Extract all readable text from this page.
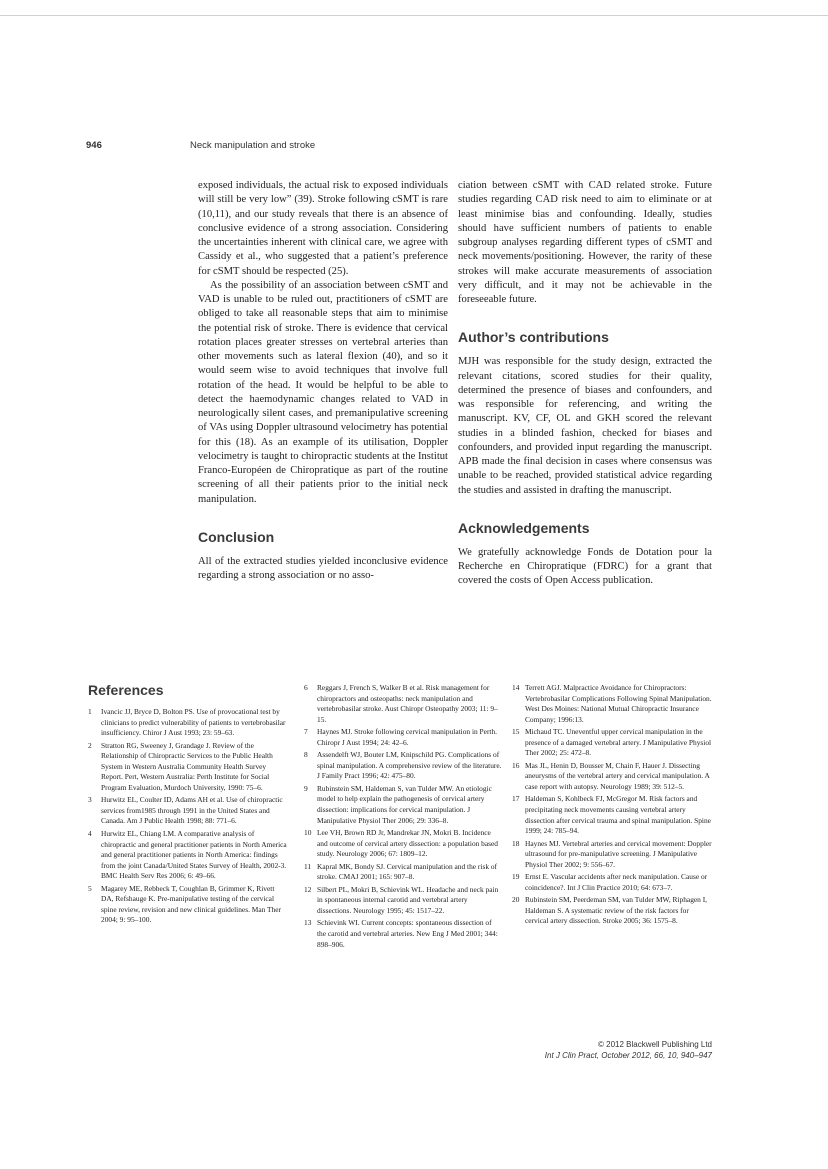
946	Neck manipulation and stroke

exposed individuals, the actual risk to exposed individuals will still be very low” (39). Stroke following cSMT is rare (10,11), and our study reveals that there is an absence of conclusive evidence of a strong association. Considering the uncertainties inherent with clinical care, we agree with Cassidy et al., who suggested that a patient’s preference for cSMT should be respected (25).

As the possibility of an association between cSMT and VAD is unable to be ruled out, practitioners of cSMT are obliged to take all reasonable steps that aim to minimise the potential risk of stroke. There is evidence that cervical rotation places greater stresses on vertebral arteries than other movements such as lateral flexion (40), and so it would seem wise to avoid techniques that involve full rotation of the head. It would be helpful to be able to detect the haemodynamic changes related to VAD in neurologically silent cases, and premanipulative screening of VAs using Doppler ultrasound velocimetry has potential for this (18). As an example of its utilisation, Doppler velocimetry is taught to chiropractic students at the Institut Franco-Européen de Chiropratique as part of the routine screening of all their patients prior to the initial neck manipulation.

Conclusion

All of the extracted studies yielded inconclusive evidence regarding a strong association or no asso-

ciation between cSMT with CAD related stroke. Future studies regarding CAD risk need to aim to eliminate or at least minimise bias and confounding. Ideally, studies should have sufficient numbers of patients to enable subgroup analyses regarding different types of cSMT and neck movements/positioning. However, the rarity of these strokes will make accurate measurements of association very difficult, and it may not be achievable in the foreseeable future.

Author’s contributions

MJH was responsible for the study design, extracted the relevant citations, scored studies for their quality, determined the presence of biases and confounders, and was responsible for referencing, and writing the manuscript. KV, CF, OL and GKH scored the relevant studies in a blinded fashion, checked for biases and confounders, and provided input regarding the manuscript. APB made the final decision in cases where consensus was unable to be reached, provided statistical advice regarding the studies and assisted in drafting the manuscript.

Acknowledgements

We gratefully acknowledge Fonds de Dotation pour la Recherche en Chiropratique (FDRC) for a grant that covered the costs of Open Access publication.

References
1	Ivancic JJ, Bryce D, Bolton PS. Use of provocational test by clinicians to predict vulnerability of patients to vertebrobasilar insufficiency. Chiror J Aust 1993; 23: 59–63.
2	Stratton RG, Sweeney J, Grandage J. Review of the Relationship of Chiropractic Services to the Public Health System in Western Australia Community Health Survey Report. Pert, Western Australia: Perth Institute for Social Program Evaluation, Murdoch University, 1990: 75–6.
3	Hurwitz EL, Coulter ID, Adams AH et al. Use of chiropractic services from1985 through 1991 in the United States and Canada. Am J Public Health 1998; 88: 771–6.
4	Hurwitz EL, Chiang LM. A comparative analysis of chiropractic and general practitioner patients in North America and general practitioner patients in North America: findings from the joint Canada/United States Survey of Health, 2002-3. BMC Health Serv Res 2006; 6: 49–66.
5	Magarey ME, Rebbeck T, Coughlan B, Grimmer K, Rivett DA, Refshauge K. Pre-manipulative testing of the cervical spine review, revision and new clinical guidelines. Man Ther 2004; 9: 95–100.
6	Reggars J, French S, Walker B et al. Risk management for chiropractors and osteopaths: neck manipulation and vertebrobasilar stroke. Aust Chiropr Osteopathy 2003; 11: 9–15.
7	Haynes MJ. Stroke following cervical manipulation in Perth. Chiropr J Aust 1994; 24: 42–6.
8	Assendelft WJ, Bouter LM, Knipschild PG. Complications of spinal manipulation. A comprehensive review of the literature. J Family Pract 1996; 42: 475–80.
9	Rubinstein SM, Haldeman S, van Tulder MW. An etiologic model to help explain the pathogenesis of cervical artery dissection: implications for cervical manipulation. J Manipulative Physiol Ther 2006; 29: 336–8.
10 Lee VH, Brown RD Jr, Mandrekar JN, Mokri B. Incidence and outcome of cervical artery dissection: a population based study. Neurology 2006; 67: 1809–12.
11 Kapral MK, Bondy SJ. Cervical manipulation and the risk of stroke. CMAJ 2001; 165: 907–8.
12 Silbert PL, Mokri B, Schievink WL. Headache and neck pain in spontaneous internal carotid and vertebral artery dissections. Neurology 1995; 45: 1517–22.
13 Schievink WI. Current concepts: spontaneous dissection of the carotid and vertebral arteries. New Eng J Med 2001; 344: 898–906.
14 Terrett AGJ. Malpractice Avoidance for Chiropractors: Vertebrobasilar Complications Following Spinal Manipulation. West Des Moines: National Mutual Chiropractic Insurance Company; 1996:13.
15 Michaud TC. Uneventful upper cervical manipulation in the presence of a damaged vertebral artery. J Manipulative Physiol Ther 2002; 25: 472–8.
16 Mas JL, Henin D, Bousser M, Chain F, Hauer J. Dissecting aneurysms of the vertebral artery and cervical manipulation. A case report with autopsy. Neurology 1989; 39: 512–5.
17 Haldeman S, Kohlbeck FJ, McGregor M. Risk factors and precipitating neck movements causing vertebral artery dissection after cervical trauma and spinal manipulation. Spine 1999; 24: 785–94.
18 Haynes MJ. Vertebral arteries and cervical movement: Doppler ultrasound for pre-manipulative screening. J Manipulative Physiol Ther 2002; 9: 556–67.
19 Ernst E. Vascular accidents after neck manipulation. Cause or coincidence?. Int J Clin Practice 2010; 64: 673–7.
20 Rubinstein SM, Peerdeman SM, van Tulder MW, Riphagen I, Haldeman S. A systematic review of the risk factors for cervical artery dissection. Stroke 2005; 36: 1575–8.
© 2012 Blackwell Publishing Ltd
Int J Clin Pract, October 2012, 66, 10, 940–947
